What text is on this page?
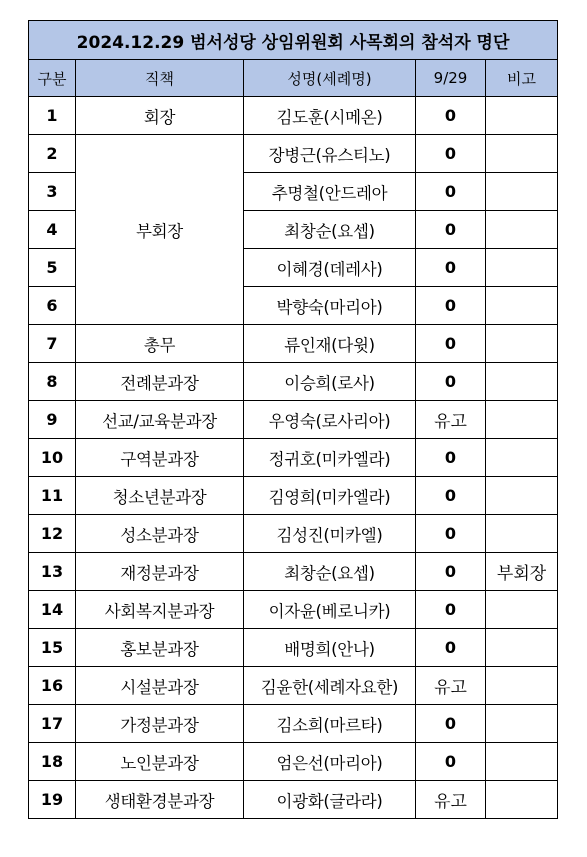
2024.12.29 범서성당 상임위원회 사목회의 참석자 명단				
구분	직책	성명(세례명)	9/29	비고
1	회장	김도훈(시메온)	0	
2	부회장	장병근(유스티노)	0	
3		추명철(안드레아	0	
4		최창순(요셉)	0	
5		이혜경(데레사)	0	
6		박향숙(마리아)	0	
7	총무	류인재(다윗)	0	
8	전례분과장	이승희(로사)	0	
9	선교/교육분과장	우영숙(로사리아)	유고	
10	구역분과장	정귀호(미카엘라)	0	
11	청소년분과장	김영희(미카엘라)	0	
12	성소분과장	김성진(미카엘)	0	
13	재정분과장	최창순(요셉)	0	부회장
14	사회복지분과장	이자윤(베로니카)	0	
15	홍보분과장	배명희(안나)	0	
16	시설분과장	김윤한(세례자요한)	유고	
17	가정분과장	김소희(마르타)	0	
18	노인분과장	엄은선(마리아)	0	
19	생태환경분과장	이광화(글라라)	유고	
